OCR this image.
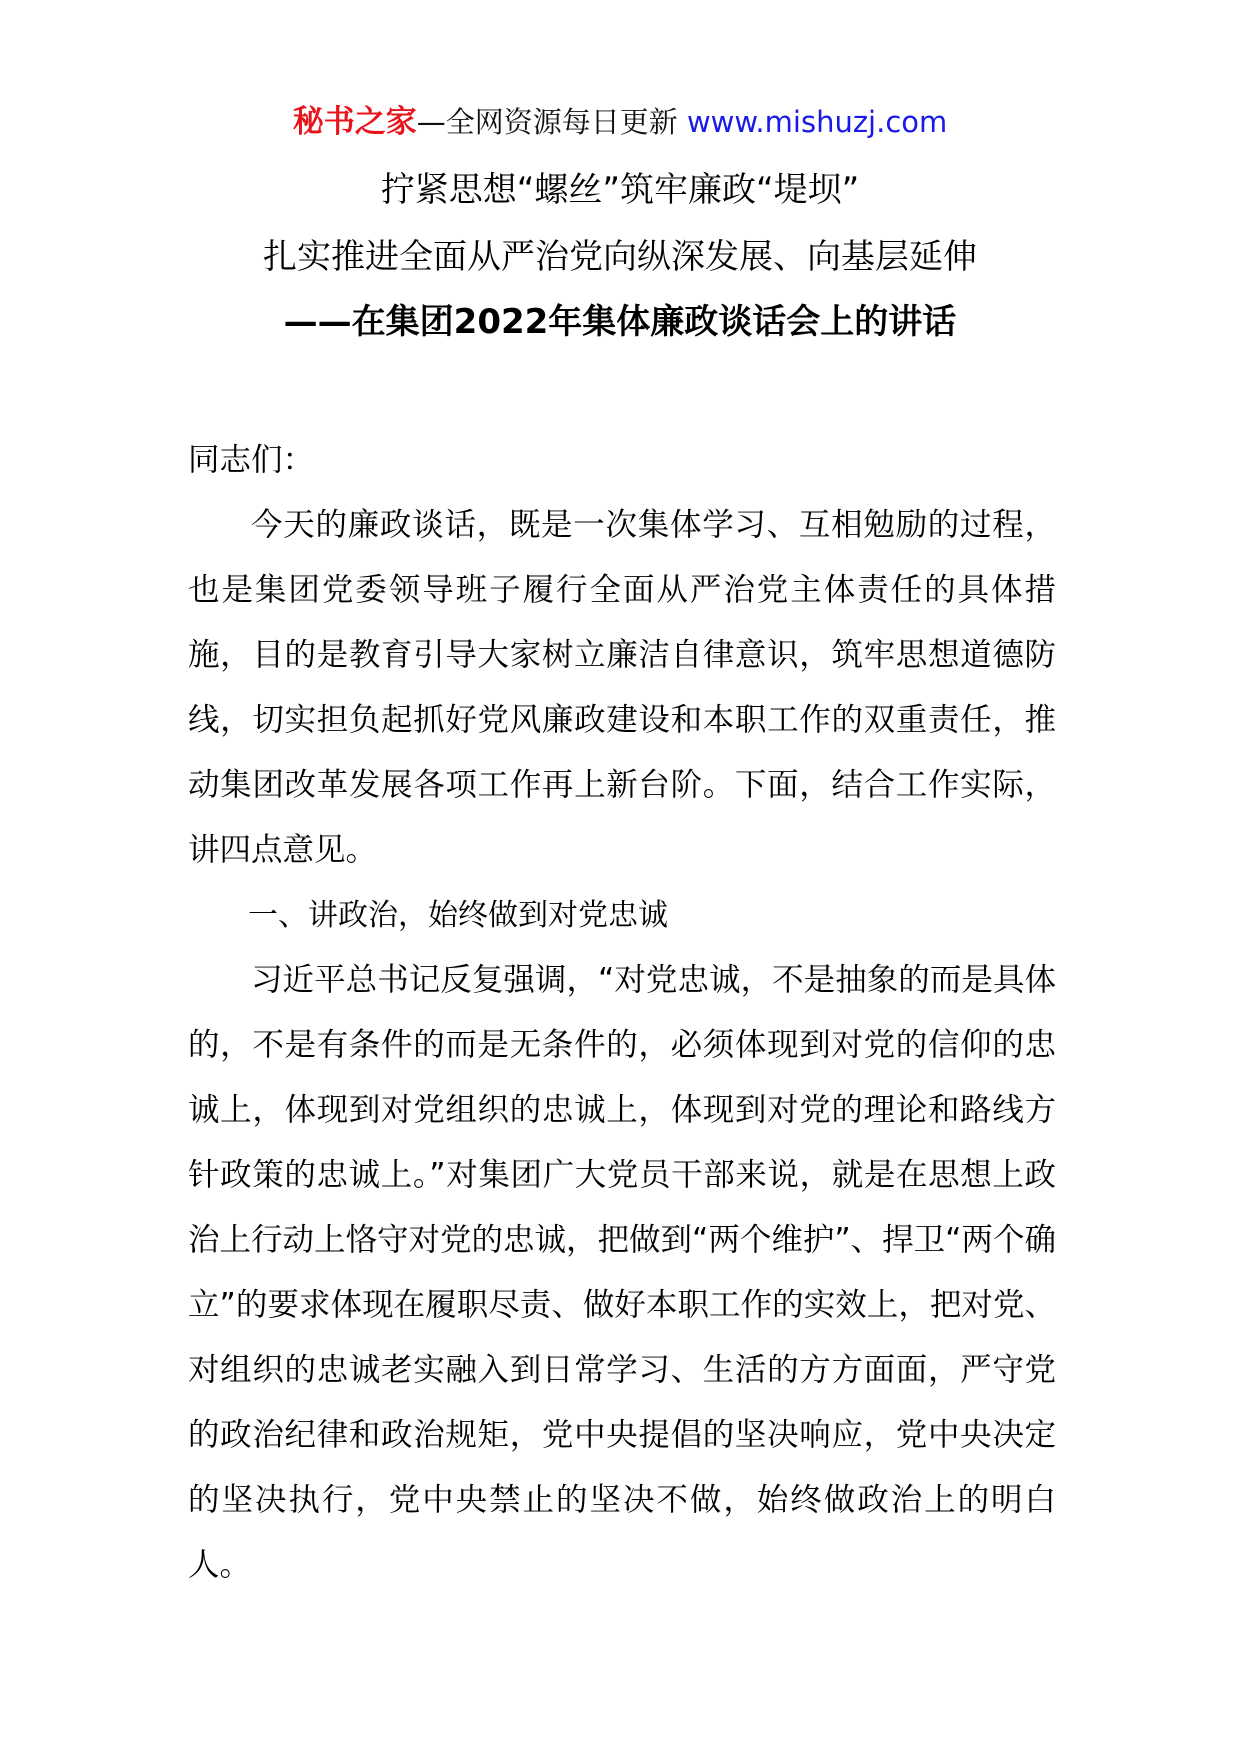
秘书之家—全网资源每日更新 www.mishuzj.com
拧紧思想“螺丝”筑牢廉政“堤坝”
扎实推进全面从严治党向纵深发展、向基层延伸
——在集团2022年集体廉政谈话会上的讲话

同志们：

今天的廉政谈话，既是一次集体学习、互相勉励的过程，也是集团党委领导班子履行全面从严治党主体责任的具体措施，目的是教育引导大家树立廉洁自律意识，筑牢思想道德防线，切实担负起抓好党风廉政建设和本职工作的双重责任，推动集团改革发展各项工作再上新台阶。下面，结合工作实际，讲四点意见。

一、讲政治，始终做到对党忠诚

习近平总书记反复强调，“对党忠诚，不是抽象的而是具体的，不是有条件的而是无条件的，必须体现到对党的信仰的忠诚上，体现到对党组织的忠诚上，体现到对党的理论和路线方针政策的忠诚上。”对集团广大党员干部来说，就是在思想上政治上行动上恪守对党的忠诚，把做到“两个维护”、捍卫“两个确立”的要求体现在履职尽责、做好本职工作的实效上，把对党、对组织的忠诚老实融入到日常学习、生活的方方面面，严守党的政治纪律和政治规矩，党中央提倡的坚决响应，党中央决定的坚决执行，党中央禁止的坚决不做，始终做政治上的明白人。
